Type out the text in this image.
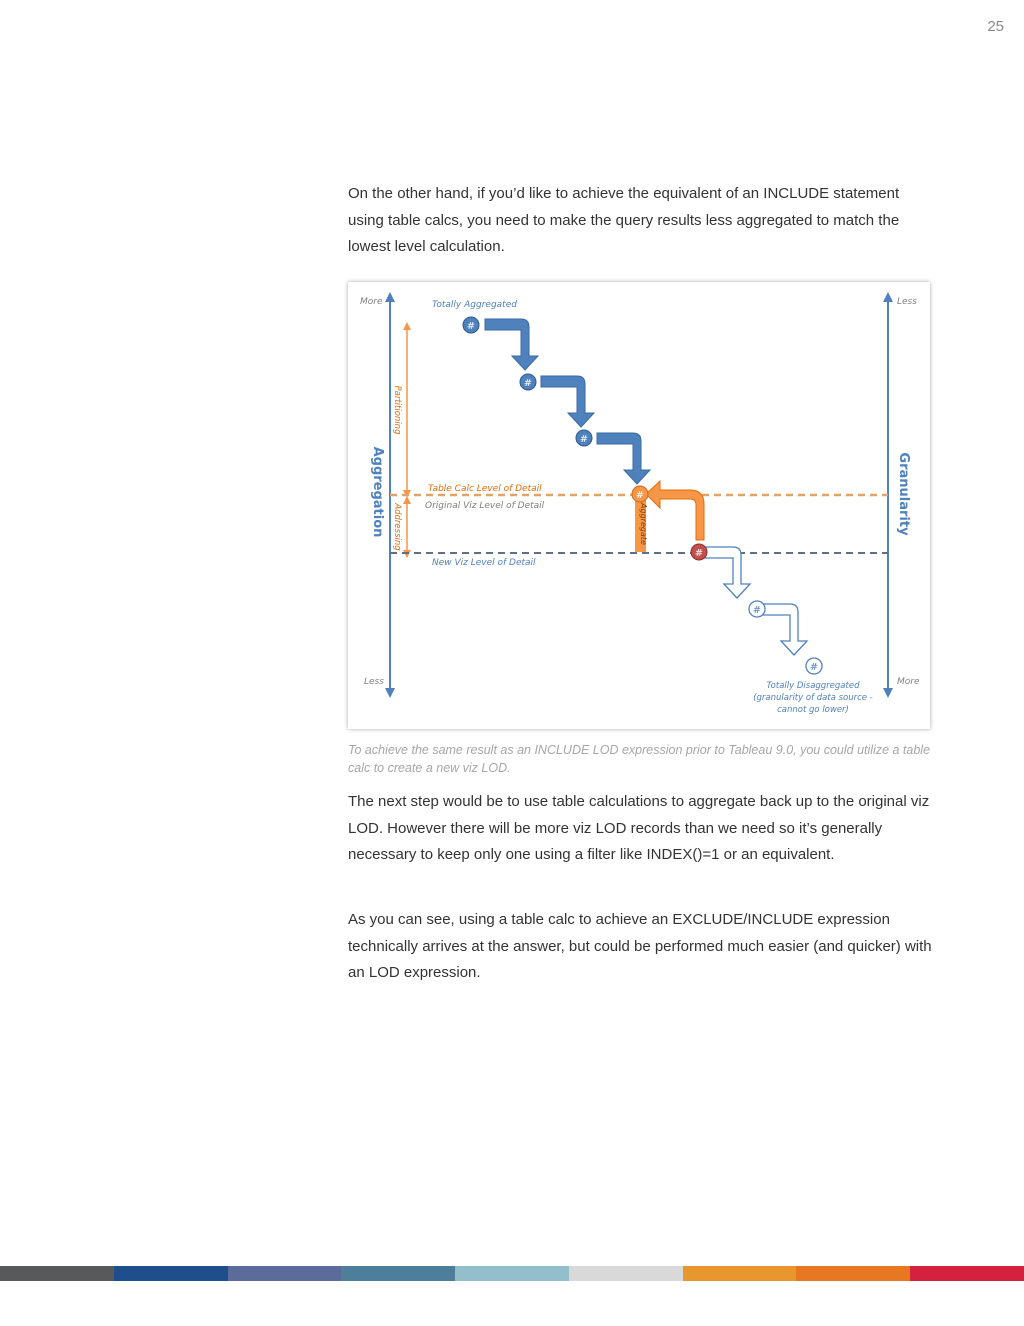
25

On the other hand, if you’d like to achieve the equivalent of an INCLUDE statement using table calcs, you need to make the query results less aggregated to match the lowest level calculation.

More
Less
Aggregation
Less
More
Granularity
Partitioning
Addressing
Totally Aggregated
Table Calc Level of Detail
Original Viz Level of Detail
New Viz Level of Detail
Aggregate
#
#
#
#
#
#
#
Totally Disaggregated
(granularity of data source -
cannot go lower)

To achieve the same result as an INCLUDE LOD expression prior to Tableau 9.0, you could utilize a table calc to create a new viz LOD.

The next step would be to use table calculations to aggregate back up to the original viz LOD. However there will be more viz LOD records than we need so it’s generally necessary to keep only one using a filter like INDEX()=1 or an equivalent.

As you can see, using a table calc to achieve an EXCLUDE/INCLUDE expression technically arrives at the answer, but could be performed much easier (and quicker) with an LOD expression.
